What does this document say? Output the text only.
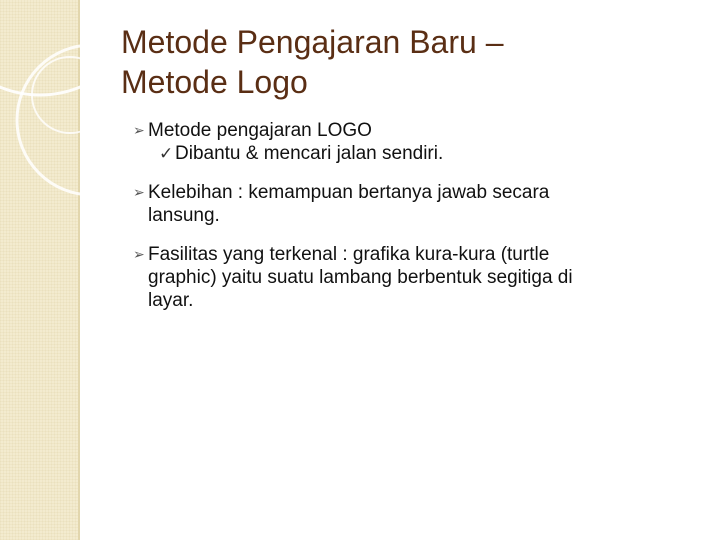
Metode Pengajaran Baru –
Metode Logo
➢ Metode pengajaran LOGO
✓ Dibantu & mencari jalan sendiri.
➢ Kelebihan : kemampuan bertanya jawab secara
lansung.
➢ Fasilitas yang terkenal : grafika kura-kura (turtle
graphic) yaitu suatu lambang berbentuk segitiga di
layar.
